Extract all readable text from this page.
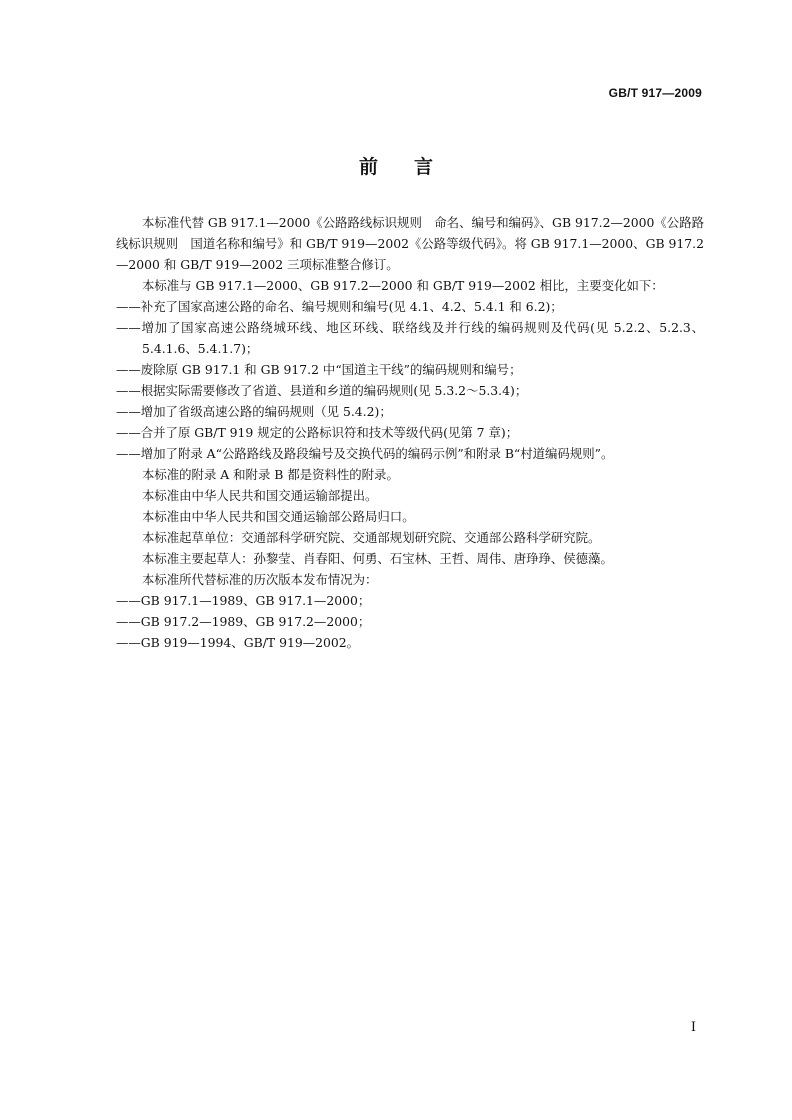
GB/T 917—2009
前言

本标准代替 GB 917.1—2000《公路路线标识规则　命名、编号和编码》、GB 917.2—2000《公路路线标识规则　国道名称和编号》和 GB/T 919—2002《公路等级代码》。将 GB 917.1—2000、GB 917.2—2000 和 GB/T 919—2002 三项标准整合修订。

本标准与 GB 917.1—2000、GB 917.2—2000 和 GB/T 919—2002 相比，主要变化如下：

——补充了国家高速公路的命名、编号规则和编号(见 4.1、4.2、5.4.1 和 6.2)；

——增加了国家高速公路绕城环线、地区环线、联络线及并行线的编码规则及代码(见 5.2.2、5.2.3、5.4.1.6、5.4.1.7)；

——废除原 GB 917.1 和 GB 917.2 中“国道主干线”的编码规则和编号；

——根据实际需要修改了省道、县道和乡道的编码规则(见 5.3.2～5.3.4)；

——增加了省级高速公路的编码规则（见 5.4.2)；

——合并了原 GB/T 919 规定的公路标识符和技术等级代码(见第 7 章)；

——增加了附录 A“公路路线及路段编号及交换代码的编码示例”和附录 B“村道编码规则”。

本标准的附录 A 和附录 B 都是资料性的附录。

本标准由中华人民共和国交通运输部提出。

本标准由中华人民共和国交通运输部公路局归口。

本标准起草单位：交通部科学研究院、交通部规划研究院、交通部公路科学研究院。

本标准主要起草人：孙黎莹、肖春阳、何勇、石宝林、王哲、周伟、唐琤琤、侯德藻。

本标准所代替标准的历次版本发布情况为：

——GB 917.1—1989、GB 917.1—2000；

——GB 917.2—1989、GB 917.2—2000；

——GB 919—1994、GB/T 919—2002。

I
